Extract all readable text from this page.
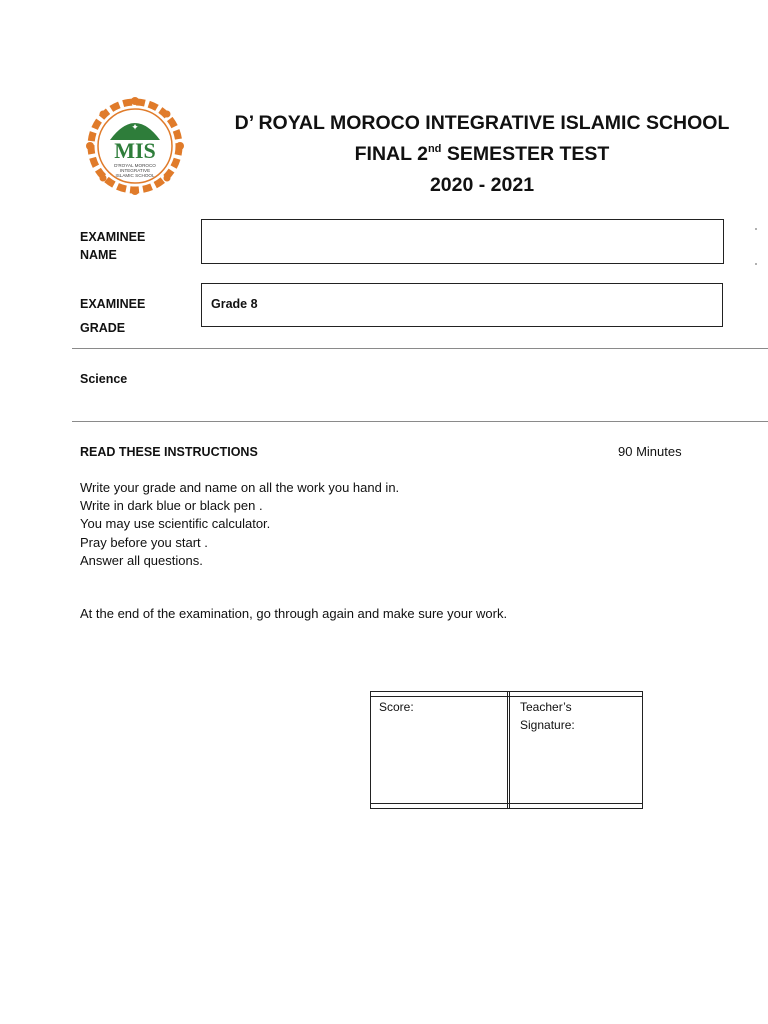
✦
MIS
D'ROYAL MOROCO
INTEGRATIVE
ISLAMIC SCHOOL
D’ ROYAL MOROCO INTEGRATIVE ISLAMIC SCHOOL
FINAL 2nd SEMESTER TEST
2020 - 2021
EXAMINEE
NAME
EXAMINEE
GRADE
Grade 8
Science
READ THESE INSTRUCTIONS	90 Minutes
Write your grade and name on all the work you hand in.
Write in dark blue or black pen .
You may use scientific calculator.
Pray before you start .
Answer all questions.
At the end of the examination, go through again and make sure your work.
Score:	Teacher’s
Signature:
